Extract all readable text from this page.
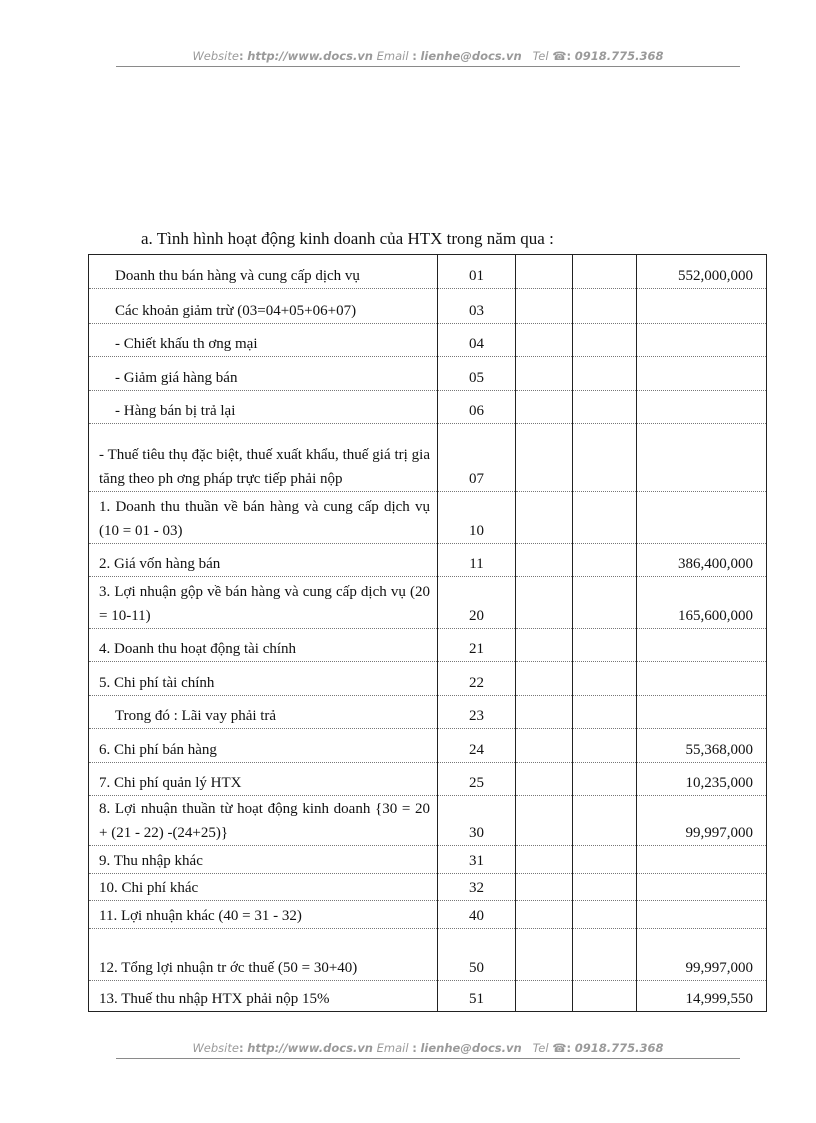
Website: http://www.docs.vn Email : lienhe@docs.vn Tel ☎: 0918.775.368
a. Tình hình hoạt động kinh doanh của HTX trong năm qua :
Doanh thu bán hàng và cung cấp dịch vụ	01			552,000,000

Các khoản giảm trừ (03=04+05+06+07)	03			

- Chiết khấu th ơng mại	04			

- Giảm giá hàng bán	05			

- Hàng bán bị trả lại	06			

- Thuế tiêu thụ đặc biệt, thuế xuất khẩu, thuế giá trị gia tăng theo ph ơng pháp trực tiếp phải nộp	07			

1. Doanh thu thuần về bán hàng và cung cấp dịch vụ (10 = 01 - 03)	10			

2. Giá vốn hàng bán	11			386,400,000

3. Lợi nhuận gộp về bán hàng và cung cấp dịch vụ (20 = 10-11)	20			165,600,000

4. Doanh thu hoạt động tài chính	21			

5. Chi phí tài chính	22			

Trong đó : Lãi vay phải trả	23			

6. Chi phí bán hàng	24			55,368,000

7. Chi phí quản lý HTX	25			10,235,000

8. Lợi nhuận thuần từ hoạt động kinh doanh {30 = 20 + (21 - 22) -(24+25)}	30			99,997,000

9. Thu nhập khác	31			

10. Chi phí khác	32			

11. Lợi nhuận khác (40 = 31 - 32)	40			

12. Tổng lợi nhuận tr ớc thuế (50 = 30+40)	50			99,997,000

13. Thuế thu nhập HTX phải nộp 15%	51			14,999,550
Website: http://www.docs.vn Email : lienhe@docs.vn Tel ☎: 0918.775.368
